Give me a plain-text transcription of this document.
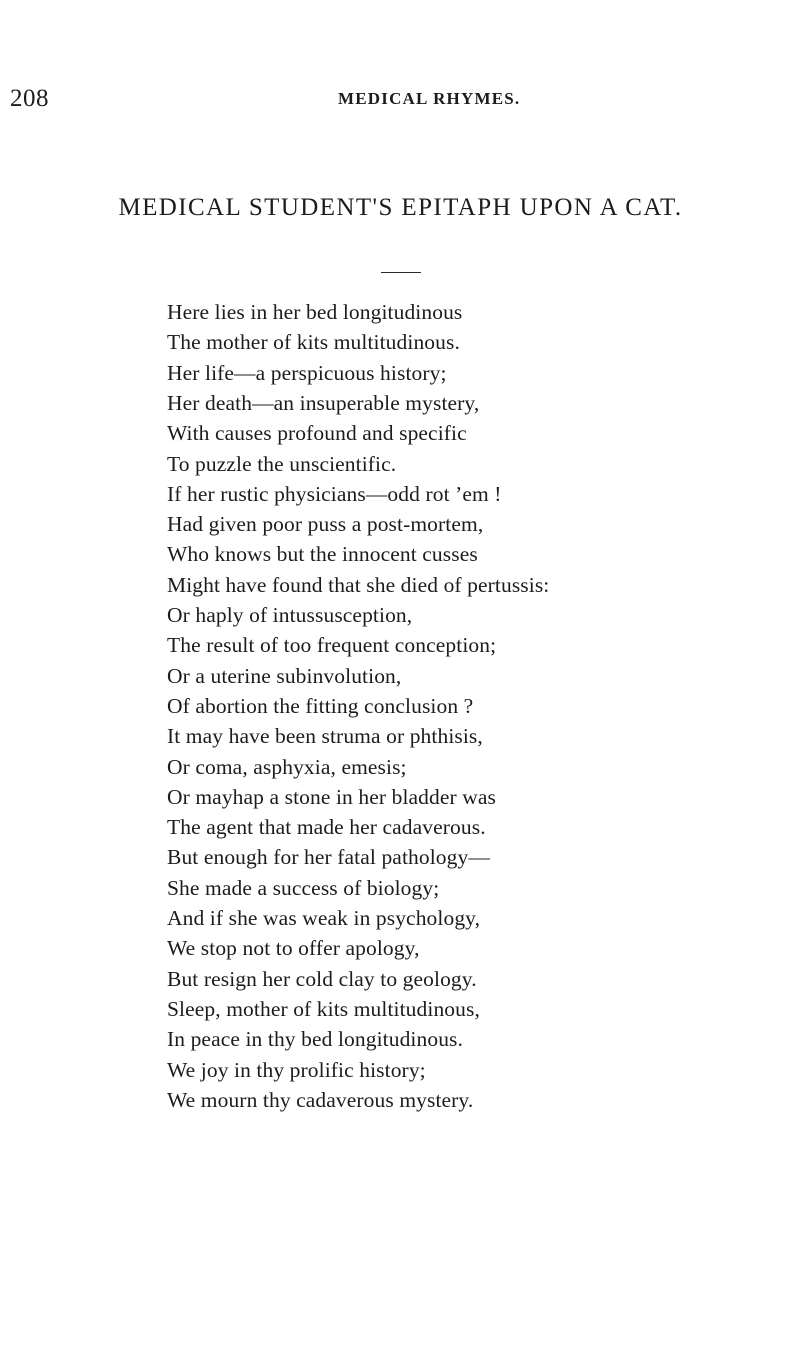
208	MEDICAL RHYMES.
MEDICAL STUDENT'S EPITAPH UPON A CAT.
Here lies in her bed longitudinous
The mother of kits multitudinous.
Her life—a perspicuous history;
Her death—an insuperable mystery,
With causes profound and specific
To puzzle the unscientific.
If her rustic physicians—odd rot ’em !
Had given poor puss a post-mortem,
Who knows but the innocent cusses
Might have found that she died of pertussis:
Or haply of intussusception,
The result of too frequent conception;
Or a uterine subinvolution,
Of abortion the fitting conclusion ?
It may have been struma or phthisis,
Or coma, asphyxia, emesis;
Or mayhap a stone in her bladder was
The agent that made her cadaverous.
But enough for her fatal pathology—
She made a success of biology;
And if she was weak in psychology,
We stop not to offer apology,
But resign her cold clay to geology.
Sleep, mother of kits multitudinous,
In peace in thy bed longitudinous.
We joy in thy prolific history;
We mourn thy cadaverous mystery.
